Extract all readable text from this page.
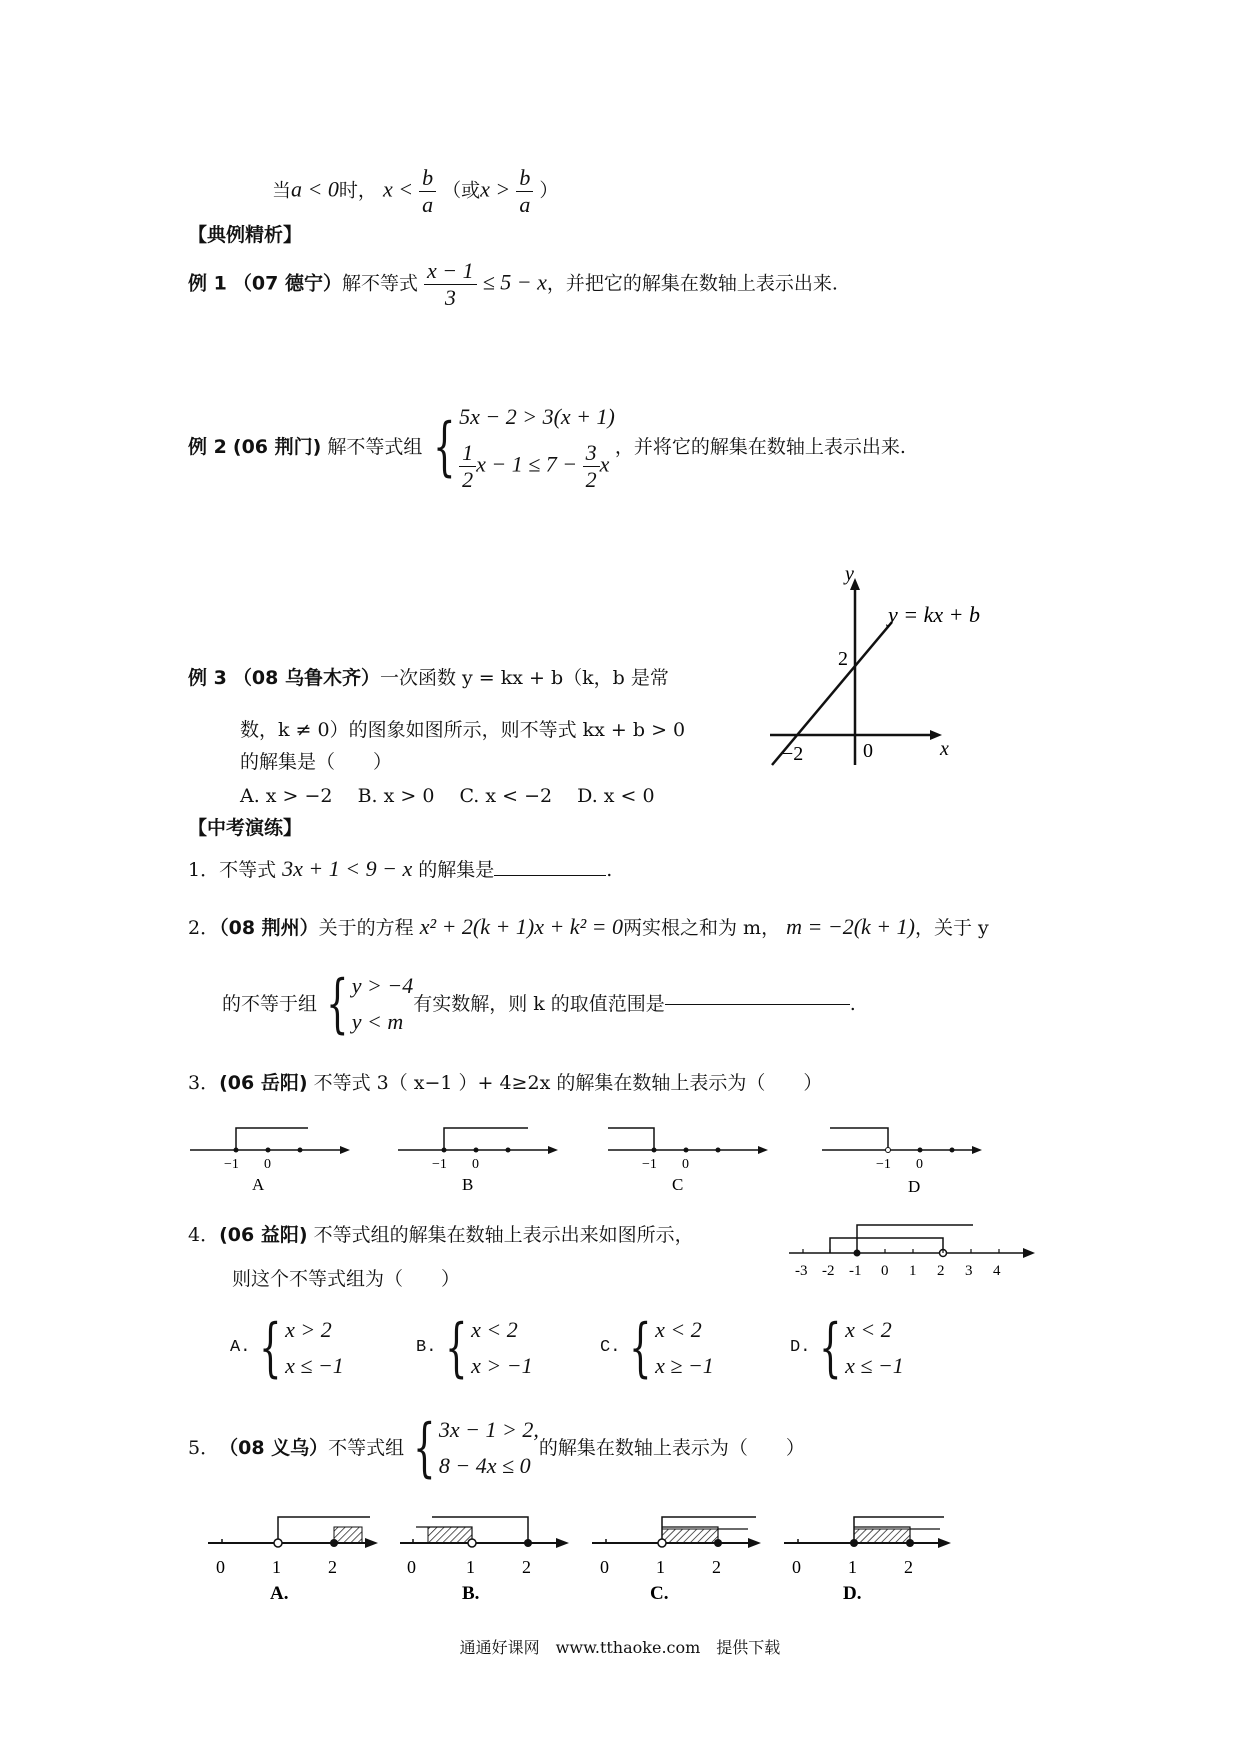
当a < 0时， $x < \frac{b}{a}$ （或$x > \frac{b}{a}$ ）
【典例精析】
例 1 （07 德宁）解不等式 $\frac{x - 1}{3} \le 5 - x$，并把它的解集在数轴上表示出来.
例 2
(06 荆门)
解不等式组 { 5x − 2 > 3(x + 1)
$\frac{1}{2}$ $x - 1 \le 7 - \frac{3}{2}$ x
，并将它的解集在数轴上表示出来.
例 3 （08 乌鲁木齐）一次函数 y = kx + b（k，b 是常
数，k ≠ 0）的图象如图所示，则不等式 kx + b > 0
的解集是（　　）
A. x > −2　 B. x > 0　 C. x < −2　 D. x < 0
y
x
y = kx + b
2
−2	0
【中考演练】
1．不等式 3x + 1 < 9 − x 的解集是	.
2．（08 荆州）关于的方程 x² + 2(k + 1)x + k² = 0两实根之和为 m， m = −2(k + 1)，关于 y
的不等于组 { y > −4
y < m
有实数解，则 k 的取值范围是	.
3．(06 岳阳) 不等式 3（ x−1 ）+ 4≥2x 的解集在数轴上表示为（　　）
−1 0
A
−1 0
B
−1 0
C
−1 0
D
4．(06 益阳) 不等式组的解集在数轴上表示出来如图所示，
则这个不等式组为（　　）	-3 -2 -1 0 1 2 3 4
A. { x > 2
x ≤ −1
B. { x < 2
x > −1
C. { x < 2
x ≥ −1
D. { x < 2
x ≤ −1
5． （08 义乌） 不等式组 { 3x − 1 > 2,
8 − 4x ≤ 0
的解集在数轴上表示为（　　）
0	1	2
A.
0	1	2
B.
0	1	2
C.
0	1	2
D.
通通好课网　www.tthaoke.com　提供下载
